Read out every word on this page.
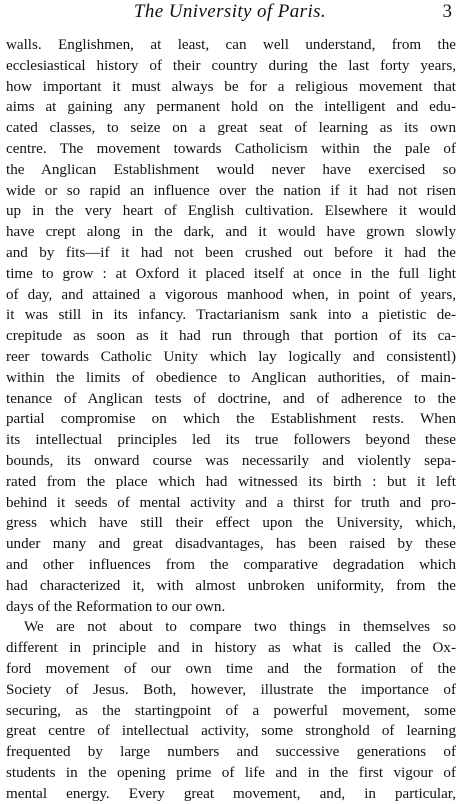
The University of Paris.	3
walls. Englishmen, at least, can well understand, from the
ecclesiastical history of their country during the last forty years,
how important it must always be for a religious movement that
aims at gaining any permanent hold on the intelligent and edu-
cated classes, to seize on a great seat of learning as its own
centre. The movement towards Catholicism within the pale of
the Anglican Establishment would never have exercised so
wide or so rapid an influence over the nation if it had not risen
up in the very heart of English cultivation. Elsewhere it would
have crept along in the dark, and it would have grown slowly
and by fits—if it had not been crushed out before it had the
time to grow : at Oxford it placed itself at once in the full light
of day, and attained a vigorous manhood when, in point of years,
it was still in its infancy. Tractarianism sank into a pietistic de-
crepitude as soon as it had run through that portion of its ca-
reer towards Catholic Unity which lay logically and consistentl)
within the limits of obedience to Anglican authorities, of main-
tenance of Anglican tests of doctrine, and of adherence to the
partial compromise on which the Establishment rests. When
its intellectual principles led its true followers beyond these
bounds, its onward course was necessarily and violently sepa-
rated from the place which had witnessed its birth : but it left
behind it seeds of mental activity and a thirst for truth and pro-
gress which have still their effect upon the University, which,
under many and great disadvantages, has been raised by these
and other influences from the comparative degradation which
had characterized it, with almost unbroken uniformity, from the
days of the Reformation to our own.
We are not about to compare two things in themselves so
different in principle and in history as what is called the Ox-
ford movement of our own time and the formation of the
Society of Jesus. Both, however, illustrate the importance of
securing, as the startingpoint of a powerful movement, some
great centre of intellectual activity, some stronghold of learning
frequented by large numbers and successive generations of
students in the opening prime of life and in the first vigour of
mental energy. Every great movement, and, in particular,
